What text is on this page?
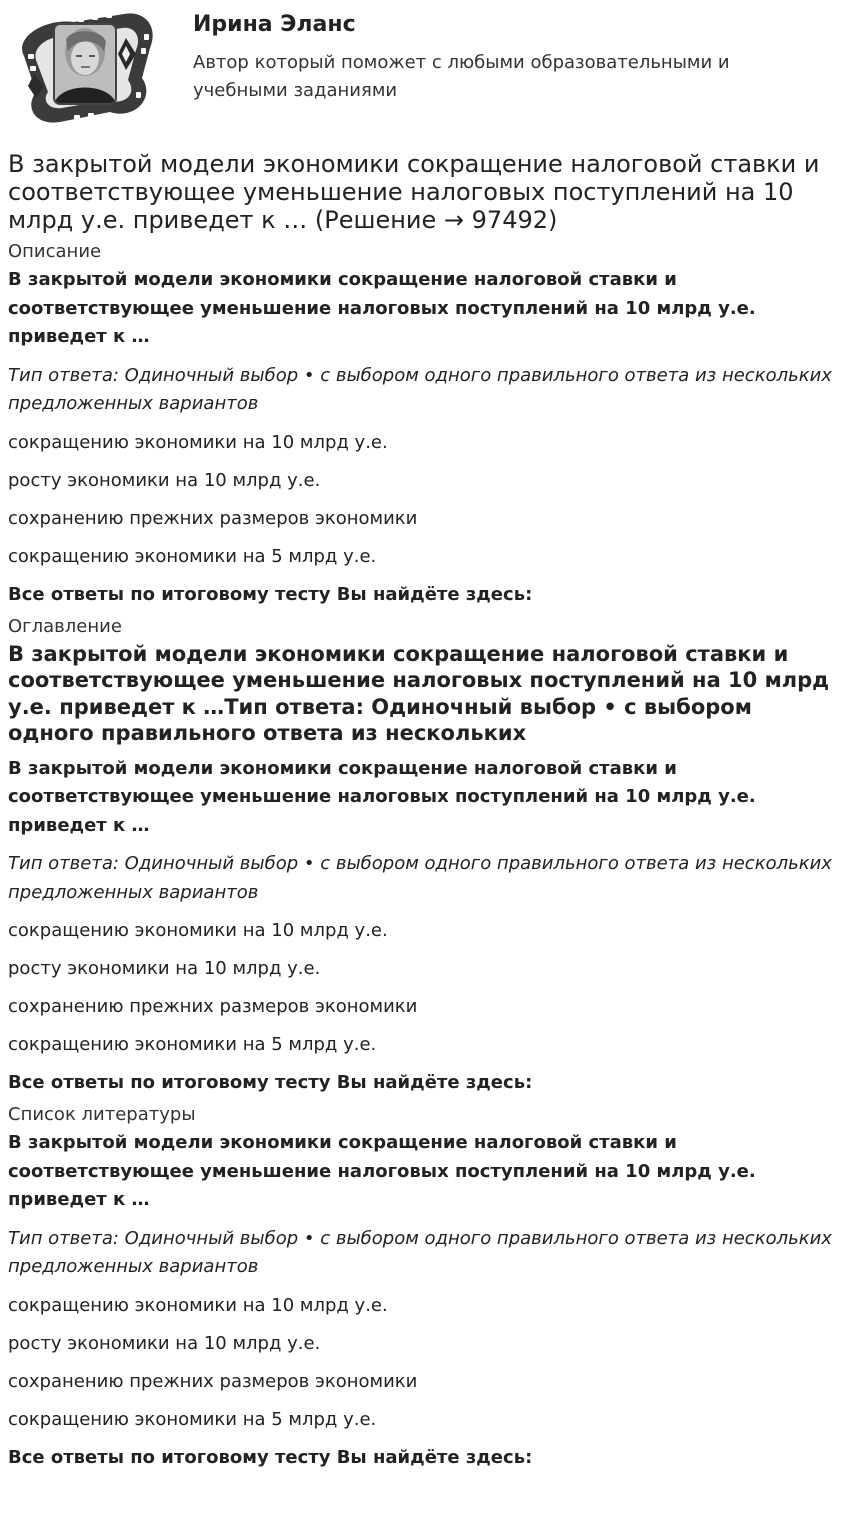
Ирина Эланс
Автор который поможет с любыми образовательными и учебными заданиями
В закрытой модели экономики сокращение налоговой ставки и соответствующее уменьшение налоговых поступлений на 10 млрд у.е. приведет к … (Решение → 97492)
Описание
В закрытой модели экономики сокращение налоговой ставки и соответствующее уменьшение налоговых поступлений на 10 млрд у.е. приведет к …
Тип ответа: Одиночный выбор • с выбором одного правильного ответа из нескольких предложенных вариантов
сокращению экономики на 10 млрд у.е.
росту экономики на 10 млрд у.е.
сохранению прежних размеров экономики
сокращению экономики на 5 млрд у.е.
Все ответы по итоговому тесту Вы найдёте здесь:
Оглавление
В закрытой модели экономики сокращение налоговой ставки и соответствующее уменьшение налоговых поступлений на 10 млрд у.е. приведет к …Тип ответа: Одиночный выбор • с выбором одного правильного ответа из нескольких
В закрытой модели экономики сокращение налоговой ставки и соответствующее уменьшение налоговых поступлений на 10 млрд у.е. приведет к …
Тип ответа: Одиночный выбор • с выбором одного правильного ответа из нескольких предложенных вариантов
сокращению экономики на 10 млрд у.е.
росту экономики на 10 млрд у.е.
сохранению прежних размеров экономики
сокращению экономики на 5 млрд у.е.
Все ответы по итоговому тесту Вы найдёте здесь:
Список литературы
В закрытой модели экономики сокращение налоговой ставки и соответствующее уменьшение налоговых поступлений на 10 млрд у.е. приведет к …
Тип ответа: Одиночный выбор • с выбором одного правильного ответа из нескольких предложенных вариантов
сокращению экономики на 10 млрд у.е.
росту экономики на 10 млрд у.е.
сохранению прежних размеров экономики
сокращению экономики на 5 млрд у.е.
Все ответы по итоговому тесту Вы найдёте здесь:
